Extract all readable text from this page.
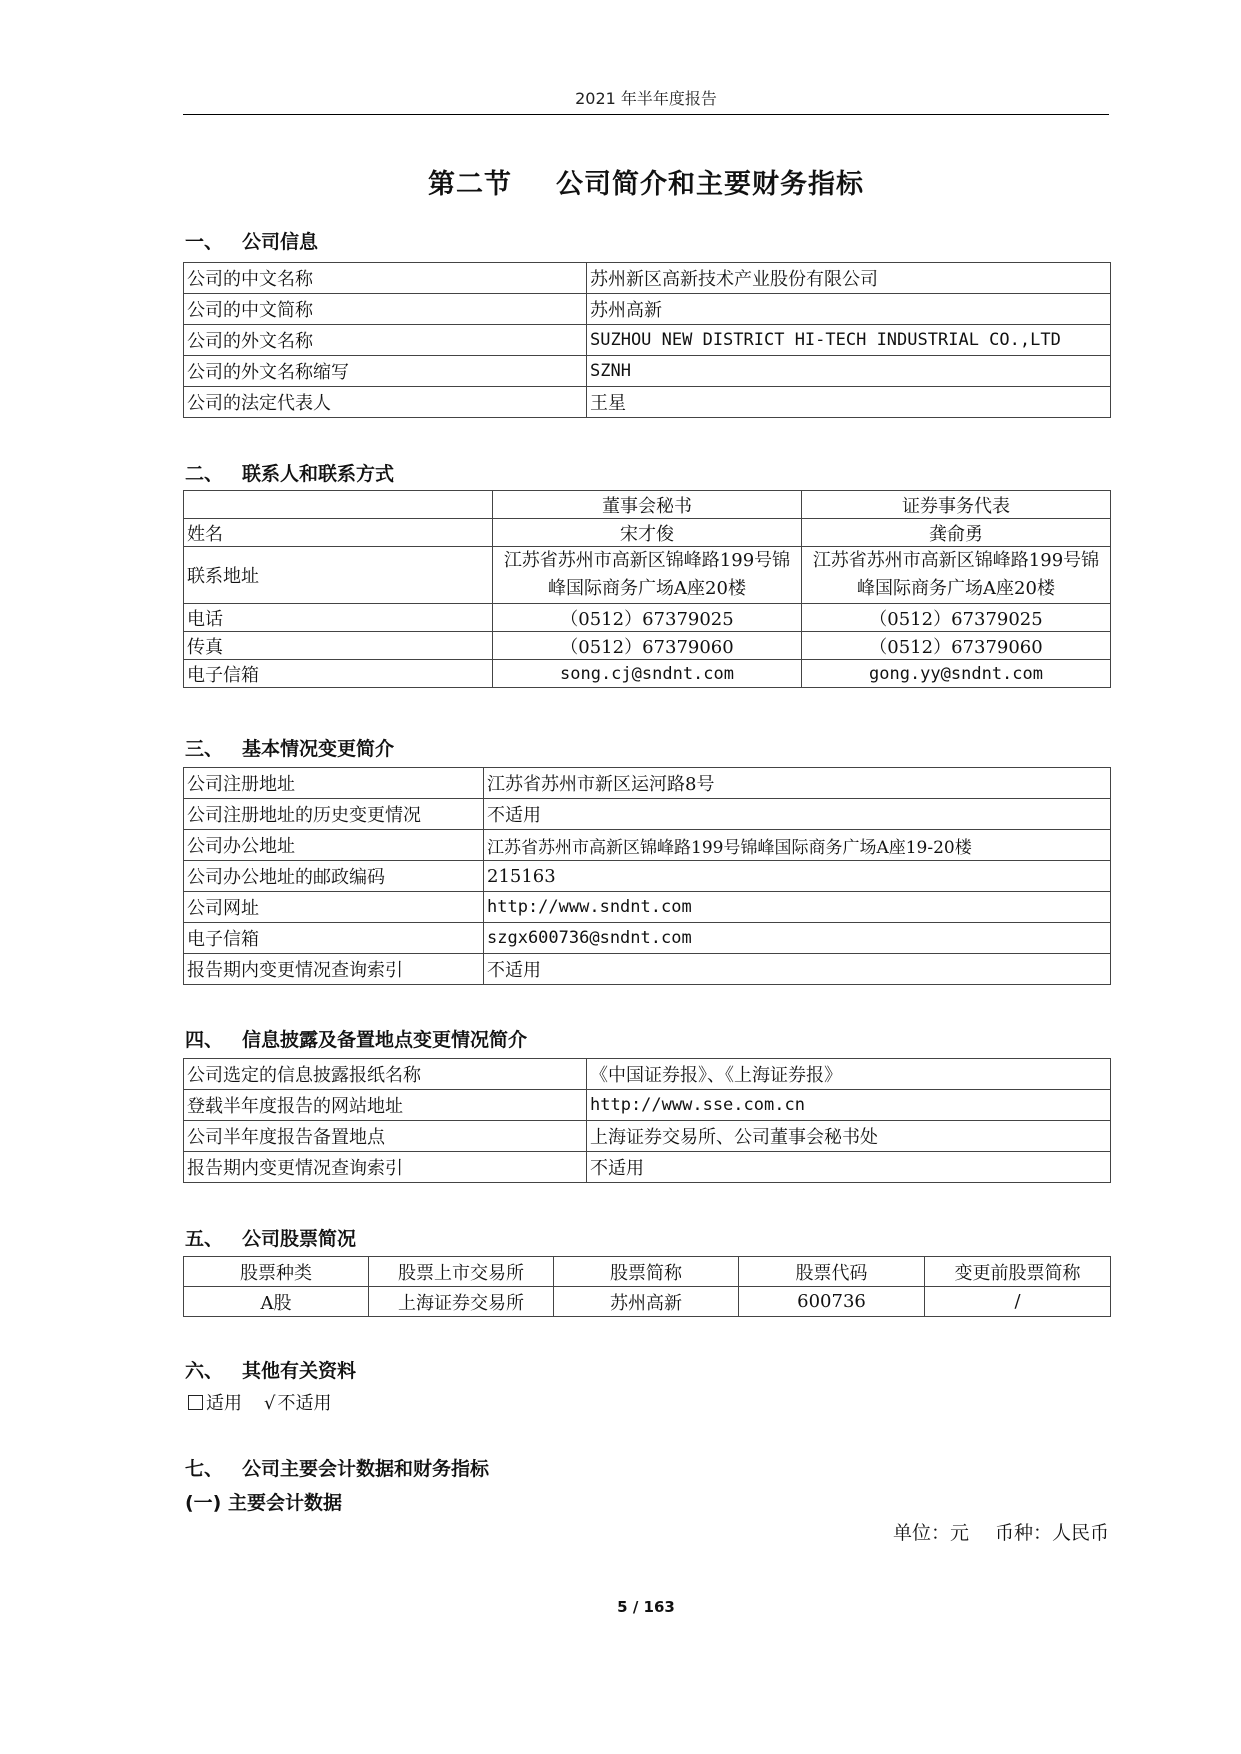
2021 年半年度报告
第二节 公司简介和主要财务指标
一、 公司信息
公司的中文名称	苏州新区高新技术产业股份有限公司
公司的中文简称	苏州高新
公司的外文名称	SUZHOU NEW DISTRICT HI-TECH INDUSTRIAL CO.,LTD
公司的外文名称缩写	SZNH
公司的法定代表人	王星
二、 联系人和联系方式
	董事会秘书	证券事务代表
姓名	宋才俊	龚俞勇
联系地址	江苏省苏州市高新区锦峰路199号锦峰国际商务广场A座20楼	江苏省苏州市高新区锦峰路199号锦峰国际商务广场A座20楼
电话	（0512）67379025	（0512）67379025
传真	（0512）67379060	（0512）67379060
电子信箱	song.cj@sndnt.com	gong.yy@sndnt.com
三、 基本情况变更简介
公司注册地址	江苏省苏州市新区运河路8号
公司注册地址的历史变更情况	不适用
公司办公地址	江苏省苏州市高新区锦峰路199号锦峰国际商务广场A座19-20楼
公司办公地址的邮政编码	215163
公司网址	http://www.sndnt.com
电子信箱	szgx600736@sndnt.com
报告期内变更情况查询索引	不适用
四、 信息披露及备置地点变更情况简介
公司选定的信息披露报纸名称	《中国证券报》、《上海证券报》
登载半年度报告的网站地址	http://www.sse.com.cn
公司半年度报告备置地点	上海证券交易所、公司董事会秘书处
报告期内变更情况查询索引	不适用
五、 公司股票简况
股票种类	股票上市交易所	股票简称	股票代码	变更前股票简称
A股	上海证券交易所	苏州高新	600736	/
六、 其他有关资料
适用 √ 不适用
七、 公司主要会计数据和财务指标
(一) 主要会计数据
单位：元 币种：人民币
5 / 163
